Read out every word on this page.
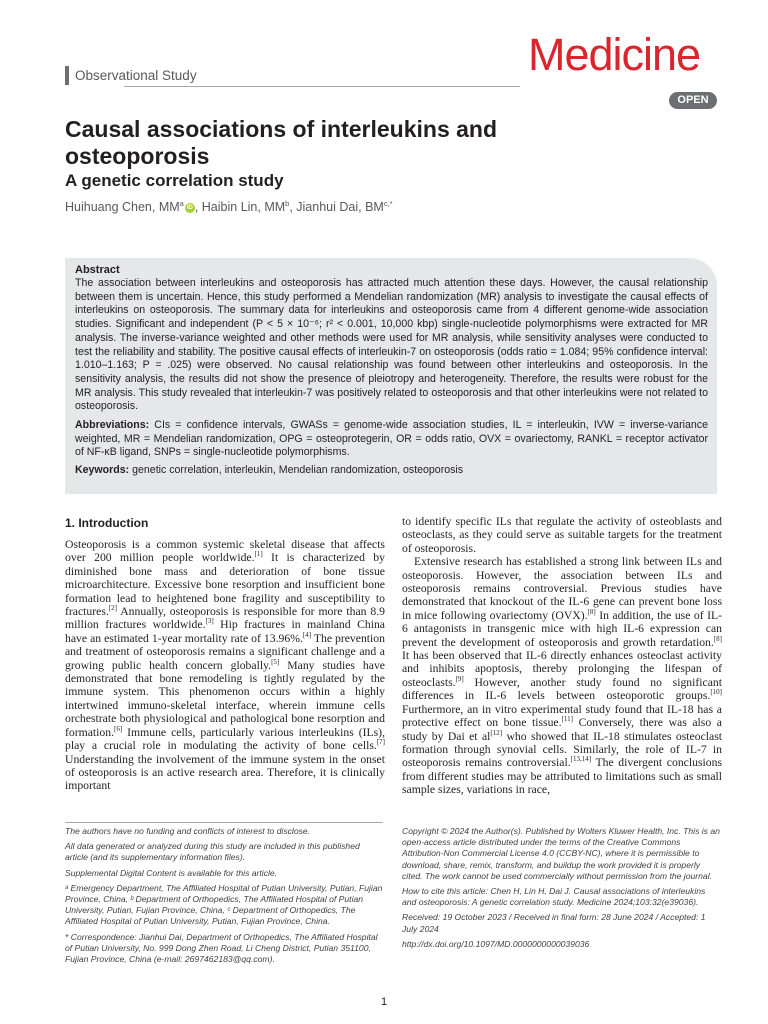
Observational Study	Medicine
OPEN
Causal associations of interleukins and osteoporosis
A genetic correlation study
Huihuang Chen, $MM^aiD$ , Haibin Lin, $MM^b$, Jianhui Dai, $BM^{c,*}$

Abstract

The association between interleukins and osteoporosis has attracted much attention these days. However, the causal relationship between them is uncertain. Hence, this study performed a Mendelian randomization (MR) analysis to investigate the causal effects of interleukins on osteoporosis. The summary data for interleukins and osteoporosis came from 4 different genome-wide association studies. Significant and independent (P < 5 × 10⁻⁶; r² < 0.001, 10,000 kbp) single-nucleotide polymorphisms were extracted for MR analysis. The inverse-variance weighted and other methods were used for MR analysis, while sensitivity analyses were conducted to test the reliability and stability. The positive causal effects of interleukin-7 on osteoporosis (odds ratio = 1.084; 95% confidence interval: 1.010–1.163; P = .025) were observed. No causal relationship was found between other interleukins and osteoporosis. In the sensitivity analysis, the results did not show the presence of pleiotropy and heterogeneity. Therefore, the results were robust for the MR analysis. This study revealed that interleukin-7 was positively related to osteoporosis and that other interleukins were not related to osteoporosis.

Abbreviations: CIs = confidence intervals, GWASs = genome-wide association studies, IL = interleukin, IVW = inverse-variance weighted, MR = Mendelian randomization, OPG = osteoprotegerin, OR = odds ratio, OVX = ovariectomy, RANKL = receptor activator of NF-κB ligand, SNPs = single-nucleotide polymorphisms.

Keywords: genetic correlation, interleukin, Mendelian randomization, osteoporosis

1. Introduction

Osteoporosis is a common systemic skeletal disease that affects over 200 million people worldwide.[1] It is characterized by diminished bone mass and deterioration of bone tissue microarchitecture. Excessive bone resorption and insufficient bone formation lead to heightened bone fragility and susceptibility to fractures.[2] Annually, osteoporosis is responsible for more than 8.9 million fractures worldwide.[3] Hip fractures in mainland China have an estimated 1-year mortality rate of 13.96%.[4] The prevention and treatment of osteoporosis remains a significant challenge and a growing public health concern globally.[5] Many studies have demonstrated that bone remodeling is tightly regulated by the immune system. This phenomenon occurs within a highly intertwined immuno-skeletal interface, wherein immune cells orchestrate both physiological and pathological bone resorption and formation.[6] Immune cells, particularly various interleukins (ILs), play a crucial role in modulating the activity of bone cells.[7] Understanding the involvement of the immune system in the onset of osteoporosis is an active research area. Therefore, it is clinically important

to identify specific ILs that regulate the activity of osteoblasts and osteoclasts, as they could serve as suitable targets for the treatment of osteoporosis.

Extensive research has established a strong link between ILs and osteoporosis. However, the association between ILs and osteoporosis remains controversial. Previous studies have demonstrated that knockout of the IL-6 gene can prevent bone loss in mice following ovariectomy (OVX).[8] In addition, the use of IL-6 antagonists in transgenic mice with high IL-6 expression can prevent the development of osteoporosis and growth retardation.[8] It has been observed that IL-6 directly enhances osteoclast activity and inhibits apoptosis, thereby prolonging the lifespan of osteoclasts.[9] However, another study found no significant differences in IL-6 levels between osteoporotic groups.[10] Furthermore, an in vitro experimental study found that IL-18 has a protective effect on bone tissue.[11] Conversely, there was also a study by Dai et al[12] who showed that IL-18 stimulates osteoclast formation through synovial cells. Similarly, the role of IL-7 in osteoporosis remains controversial.[13,14] The divergent conclusions from different studies may be attributed to limitations such as small sample sizes, variations in race,

The authors have no funding and conflicts of interest to disclose.

All data generated or analyzed during this study are included in this published article (and its supplementary information files).

Supplemental Digital Content is available for this article.

ᵃ Emergency Department, The Affiliated Hospital of Putian University, Putian, Fujian Province, China, ᵇ Department of Orthopedics, The Affiliated Hospital of Putian University, Putian, Fujian Province, China, ᶜ Department of Orthopedics, The Affiliated Hospital of Putian University, Putian, Fujian Province, China.

* Correspondence: Jianhui Dai, Department of Orthopedics, The Affiliated Hospital of Putian University, No. 999 Dong Zhen Road, Li Cheng District, Putian 351100, Fujian Province, China (e-mail: 2697462183@qq.com).

Copyright © 2024 the Author(s). Published by Wolters Kluwer Health, Inc. This is an open-access article distributed under the terms of the Creative Commons Attribution-Non Commercial License 4.0 (CCBY-NC), where it is permissible to download, share, remix, transform, and buildup the work provided it is properly cited. The work cannot be used commercially without permission from the journal.

How to cite this article: Chen H, Lin H, Dai J. Causal associations of interleukins and osteoporosis: A genetic correlation study. Medicine 2024;103:32(e39036).

Received: 19 October 2023 / Received in final form: 28 June 2024 / Accepted: 1 July 2024

http://dx.doi.org/10.1097/MD.0000000000039036

1
